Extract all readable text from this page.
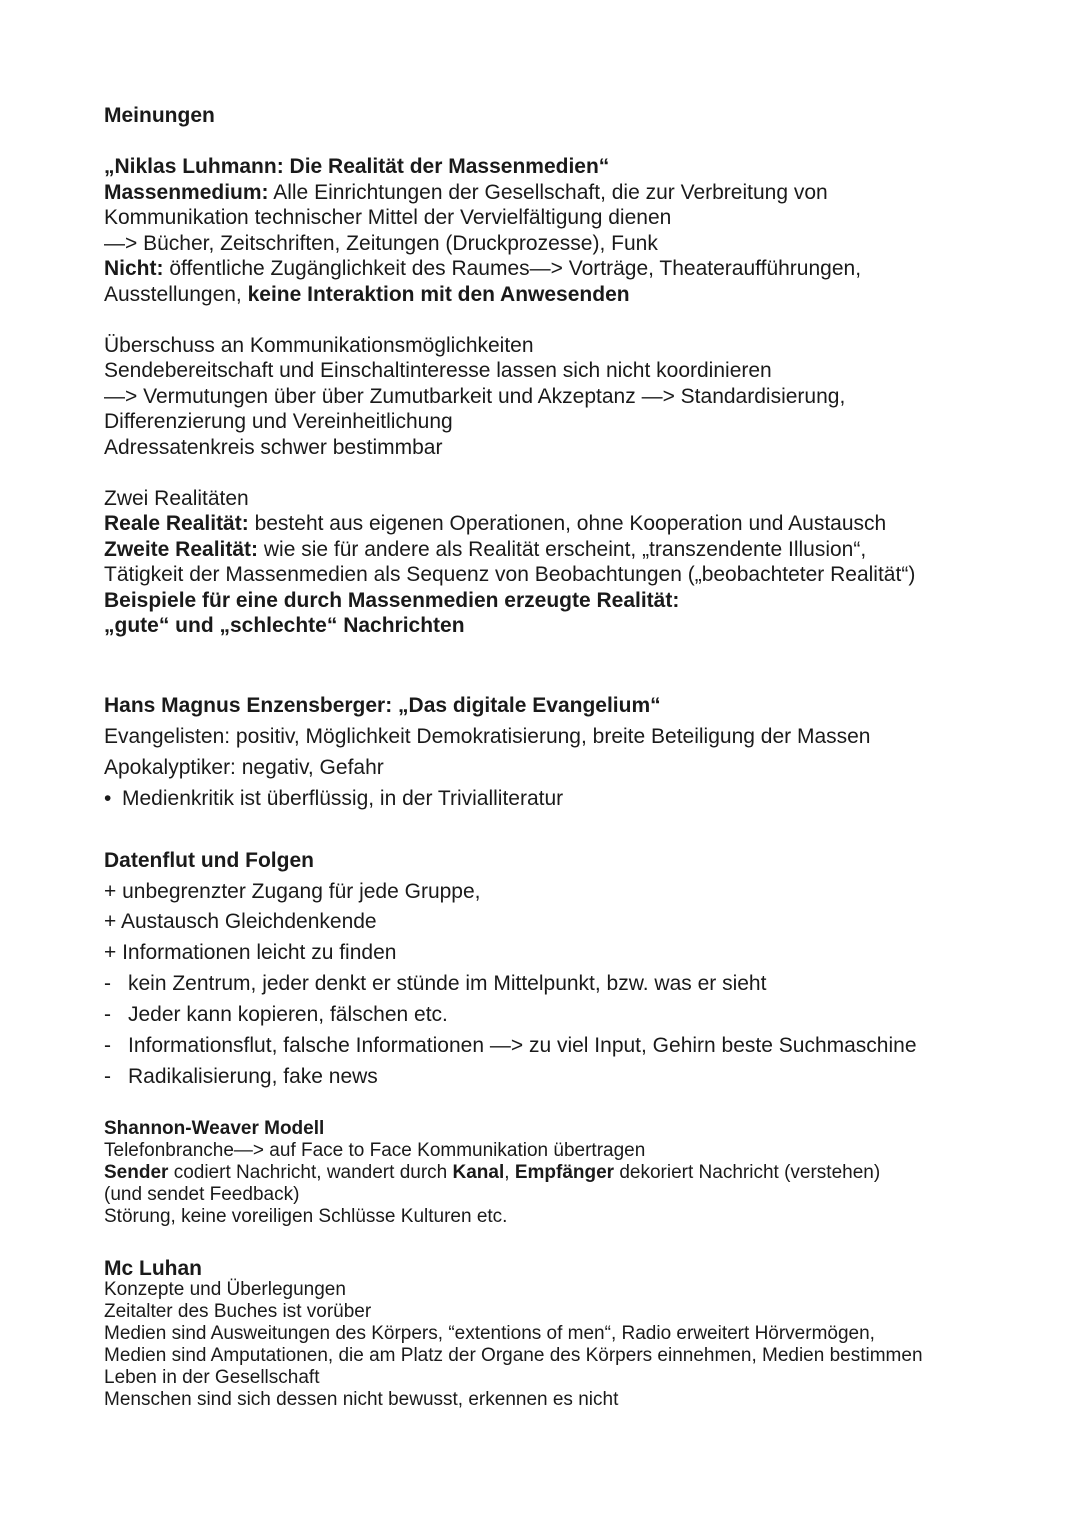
Meinungen
„Niklas Luhmann: Die Realität der Massenmedien“
Massenmedium: Alle Einrichtungen der Gesellschaft, die zur Verbreitung von
Kommunikation technischer Mittel der Vervielfältigung dienen
—> Bücher, Zeitschriften, Zeitungen (Druckprozesse), Funk
Nicht: öffentliche Zugänglichkeit des Raumes—> Vorträge, Theateraufführungen,
Ausstellungen, keine Interaktion mit den Anwesenden
Überschuss an Kommunikationsmöglichkeiten
Sendebereitschaft und Einschaltinteresse lassen sich nicht koordinieren
—> Vermutungen über über Zumutbarkeit und Akzeptanz —> Standardisierung,
Differenzierung und Vereinheitlichung
Adressatenkreis schwer bestimmbar
Zwei Realitäten
Reale Realität: besteht aus eigenen Operationen, ohne Kooperation und Austausch
Zweite Realität: wie sie für andere als Realität erscheint, „transzendente Illusion“,
Tätigkeit der Massenmedien als Sequenz von Beobachtungen („beobachteter Realität“)
Beispiele für eine durch Massenmedien erzeugte Realität:
„gute“ und „schlechte“ Nachrichten
Hans Magnus Enzensberger: „Das digitale Evangelium“
Evangelisten: positiv, Möglichkeit Demokratisierung, breite Beteiligung der Massen
Apokalyptiker: negativ, Gefahr
• Medienkritik ist überflüssig, in der Trivialliteratur
Datenflut und Folgen
+ unbegrenzter Zugang für jede Gruppe,
+ Austausch Gleichdenkende
+ Informationen leicht zu finden
- kein Zentrum, jeder denkt er stünde im Mittelpunkt, bzw. was er sieht
- Jeder kann kopieren, fälschen etc.
- Informationsflut, falsche Informationen —> zu viel Input, Gehirn beste Suchmaschine
- Radikalisierung, fake news
Shannon-Weaver Modell
Telefonbranche—> auf Face to Face Kommunikation übertragen
Sender codiert Nachricht, wandert durch Kanal, Empfänger dekoriert Nachricht (verstehen)
(und sendet Feedback)
Störung, keine voreiligen Schlüsse Kulturen etc.
Mc Luhan
Konzepte und Überlegungen
Zeitalter des Buches ist vorüber
Medien sind Ausweitungen des Körpers, “extentions of men“, Radio erweitert Hörvermögen,
Medien sind Amputationen, die am Platz der Organe des Körpers einnehmen, Medien bestimmen
Leben in der Gesellschaft
Menschen sind sich dessen nicht bewusst, erkennen es nicht
